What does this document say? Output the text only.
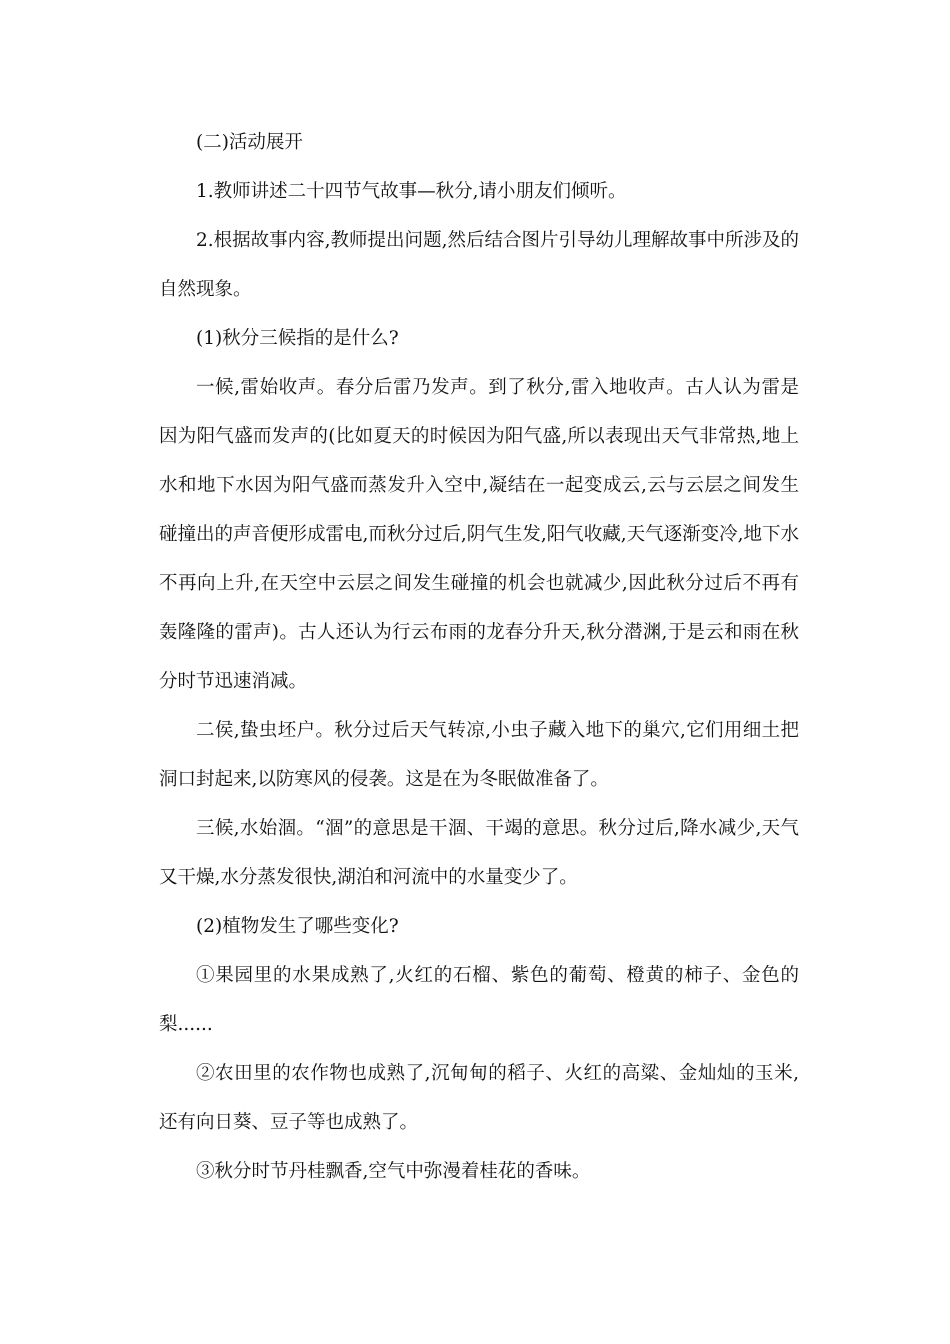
(二)活动展开

1.教师讲述二十四节气故事—秋分,请小朋友们倾听。

2.根据故事内容,教师提出问题,然后结合图片引导幼儿理解故事中所涉及的自然现象。

(1)秋分三候指的是什么?

一候,雷始收声。春分后雷乃发声。到了秋分,雷入地收声。古人认为雷是因为阳气盛而发声的(比如夏天的时候因为阳气盛,所以表现出天气非常热,地上水和地下水因为阳气盛而蒸发升入空中,凝结在一起变成云,云与云层之间发生碰撞出的声音便形成雷电,而秋分过后,阴气生发,阳气收藏,天气逐渐变冷,地下水不再向上升,在天空中云层之间发生碰撞的机会也就减少,因此秋分过后不再有轰隆隆的雷声)。古人还认为行云布雨的龙春分升天,秋分潜渊,于是云和雨在秋分时节迅速消减。

二侯,蛰虫坯户。秋分过后天气转凉,小虫子藏入地下的巢穴,它们用细土把洞口封起来,以防寒风的侵袭。这是在为冬眠做准备了。

三候,水始涸。“涸”的意思是干涸、干竭的意思。秋分过后,降水减少,天气又干燥,水分蒸发很快,湖泊和河流中的水量变少了。

(2)植物发生了哪些变化?

①果园里的水果成熟了,火红的石榴、紫色的葡萄、橙黄的柿子、金色的梨......

②农田里的农作物也成熟了,沉甸甸的稻子、火红的高粱、金灿灿的玉米,还有向日葵、豆子等也成熟了。

③秋分时节丹桂飘香,空气中弥漫着桂花的香味。
